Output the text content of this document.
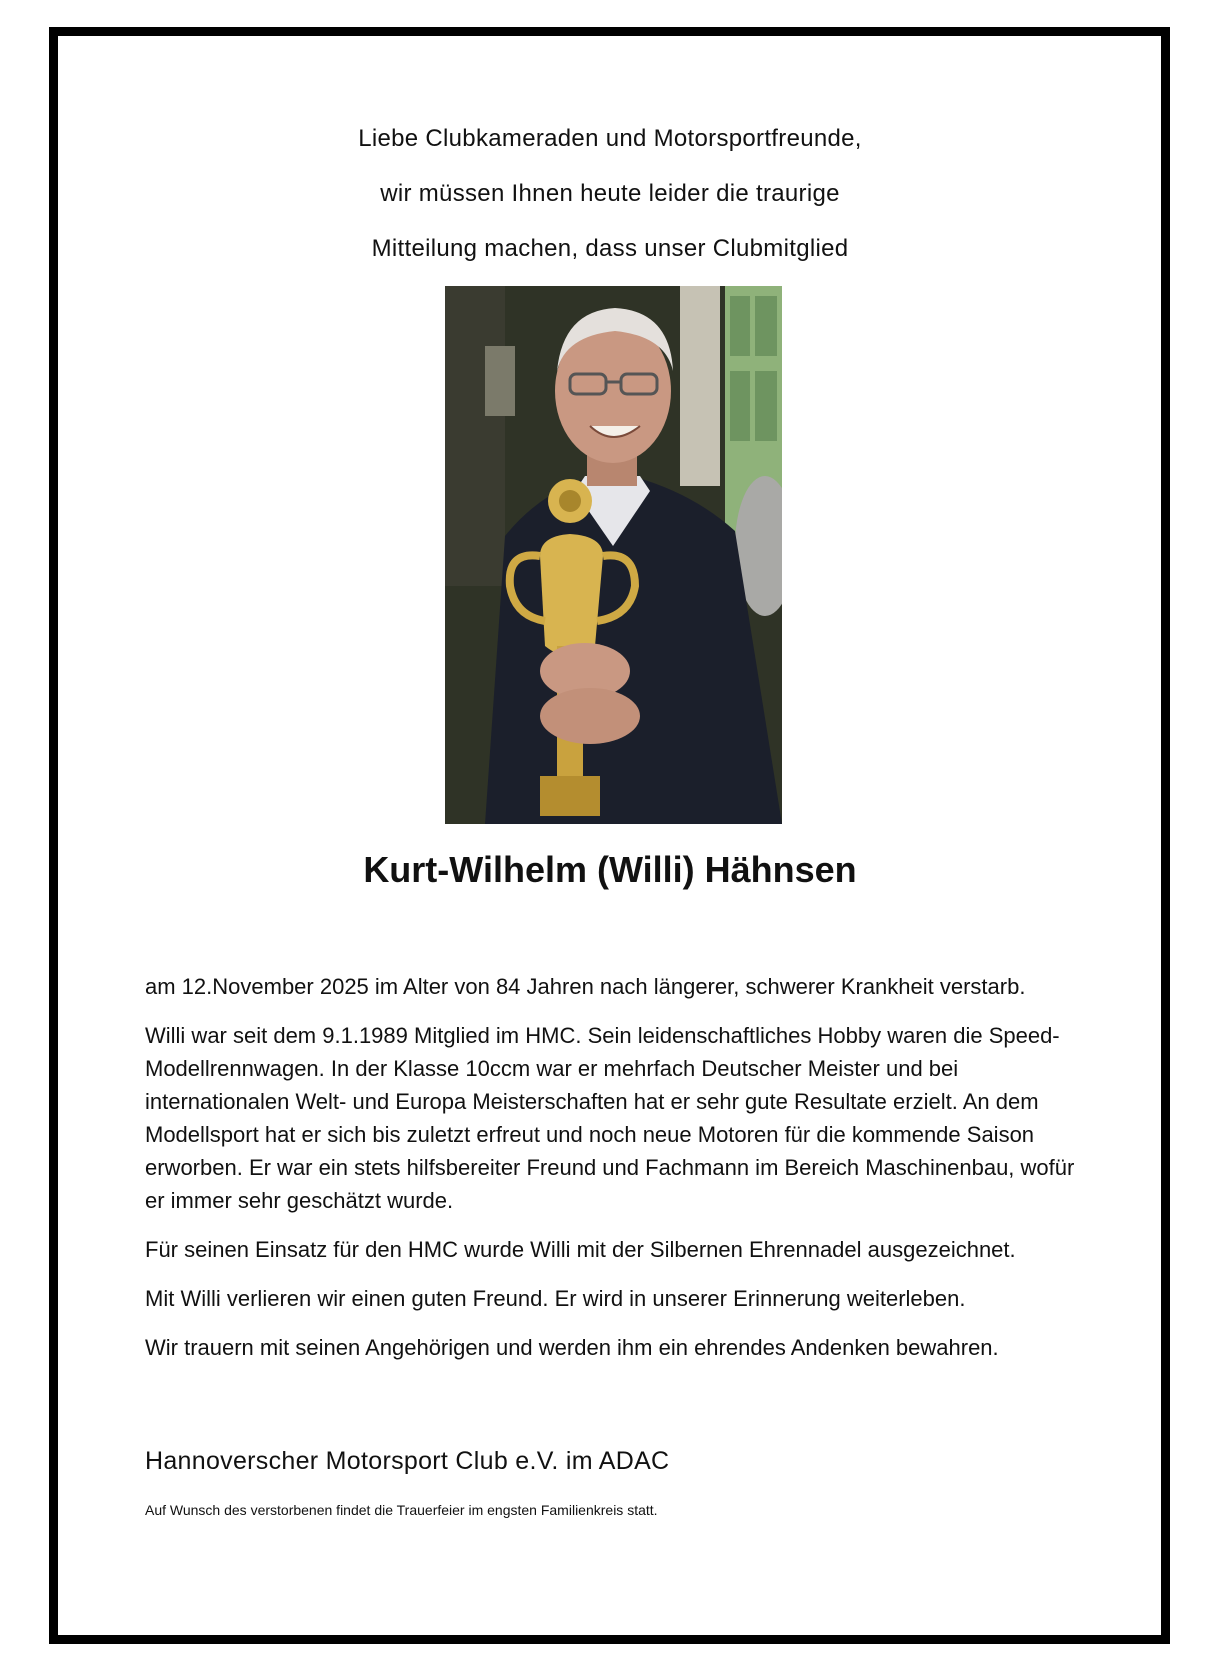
Liebe Clubkameraden und Motorsportfreunde,
wir müssen Ihnen heute leider die traurige
Mitteilung machen, dass unser Clubmitglied
Kurt-Wilhelm (Willi) Hähnsen

am 12.November 2025 im Alter von 84 Jahren nach längerer, schwerer Krankheit verstarb.

Willi war seit dem 9.1.1989 Mitglied im HMC. Sein leidenschaftliches Hobby waren die Speed-Modellrennwagen. In der Klasse 10ccm war er mehrfach Deutscher Meister und bei internationalen Welt- und Europa Meisterschaften hat er sehr gute Resultate erzielt. An dem Modellsport hat er sich bis zuletzt erfreut und noch neue Motoren für die kommende Saison erworben. Er war ein stets hilfsbereiter Freund und Fachmann im Bereich Maschinenbau, wofür er immer sehr geschätzt wurde.

Für seinen Einsatz für den HMC wurde Willi mit der Silbernen Ehrennadel ausgezeichnet.

Mit Willi verlieren wir einen guten Freund. Er wird in unserer Erinnerung weiterleben.

Wir trauern mit seinen Angehörigen und werden ihm ein ehrendes Andenken bewahren.

Hannoverscher Motorsport Club e.V. im ADAC
Auf Wunsch des verstorbenen findet die Trauerfeier im engsten Familienkreis statt.
